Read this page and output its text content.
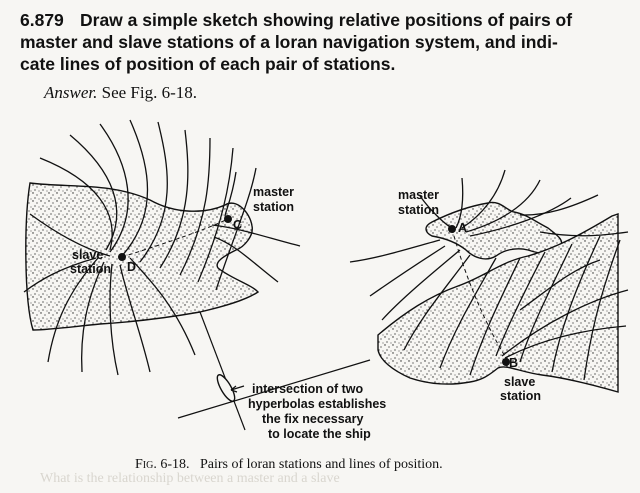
What is the relationship between a master and a slave

6.879 Draw a simple sketch showing relative positions of pairs of

master and slave stations of a loran navigation system, and indi-

cate lines of position of each pair of stations.

Answer. See Fig. 6-18.
C
master
station
D
slave
station
A
master
station
B
slave
station
intersection of two
hyperbolas establishes
the fix necessary
to locate the ship
Fig. 6-18. Pairs of loran stations and lines of position.
